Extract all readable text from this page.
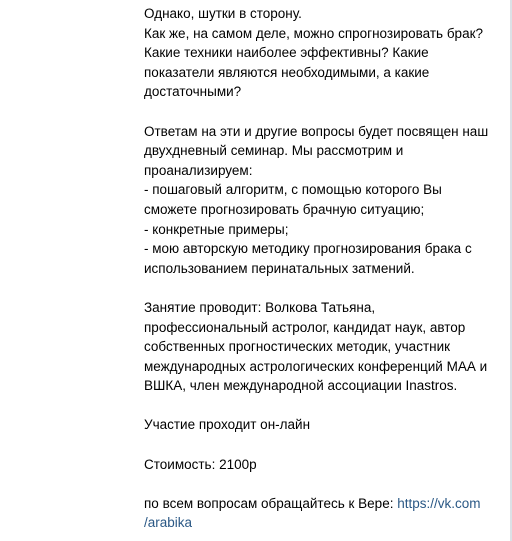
Однако, шутки в сторону.
Как же, на самом деле, можно спрогнозировать брак?
Какие техники наиболее эффективны? Какие
показатели являются необходимыми, а какие
достаточными?

Ответам на эти и другие вопросы будет посвящен наш
двухдневный семинар. Мы рассмотрим и
проанализируем:
- пошаговый алгоритм, с помощью которого Вы
сможете прогнозировать брачную ситуацию;
- конкретные примеры;
- мою авторскую методику прогнозирования брака с
использованием перинатальных затмений.

Занятие проводит: Волкова Татьяна,
профессиональный астролог, кандидат наук, автор
собственных прогностических методик, участник
международных астрологических конференций МАА и
ВШКА, член международной ассоциации Inastros.

Участие проходит он-лайн

Стоимость: 2100р

по всем вопросам обращайтесь к Вере: https://vk.com
/arabika
